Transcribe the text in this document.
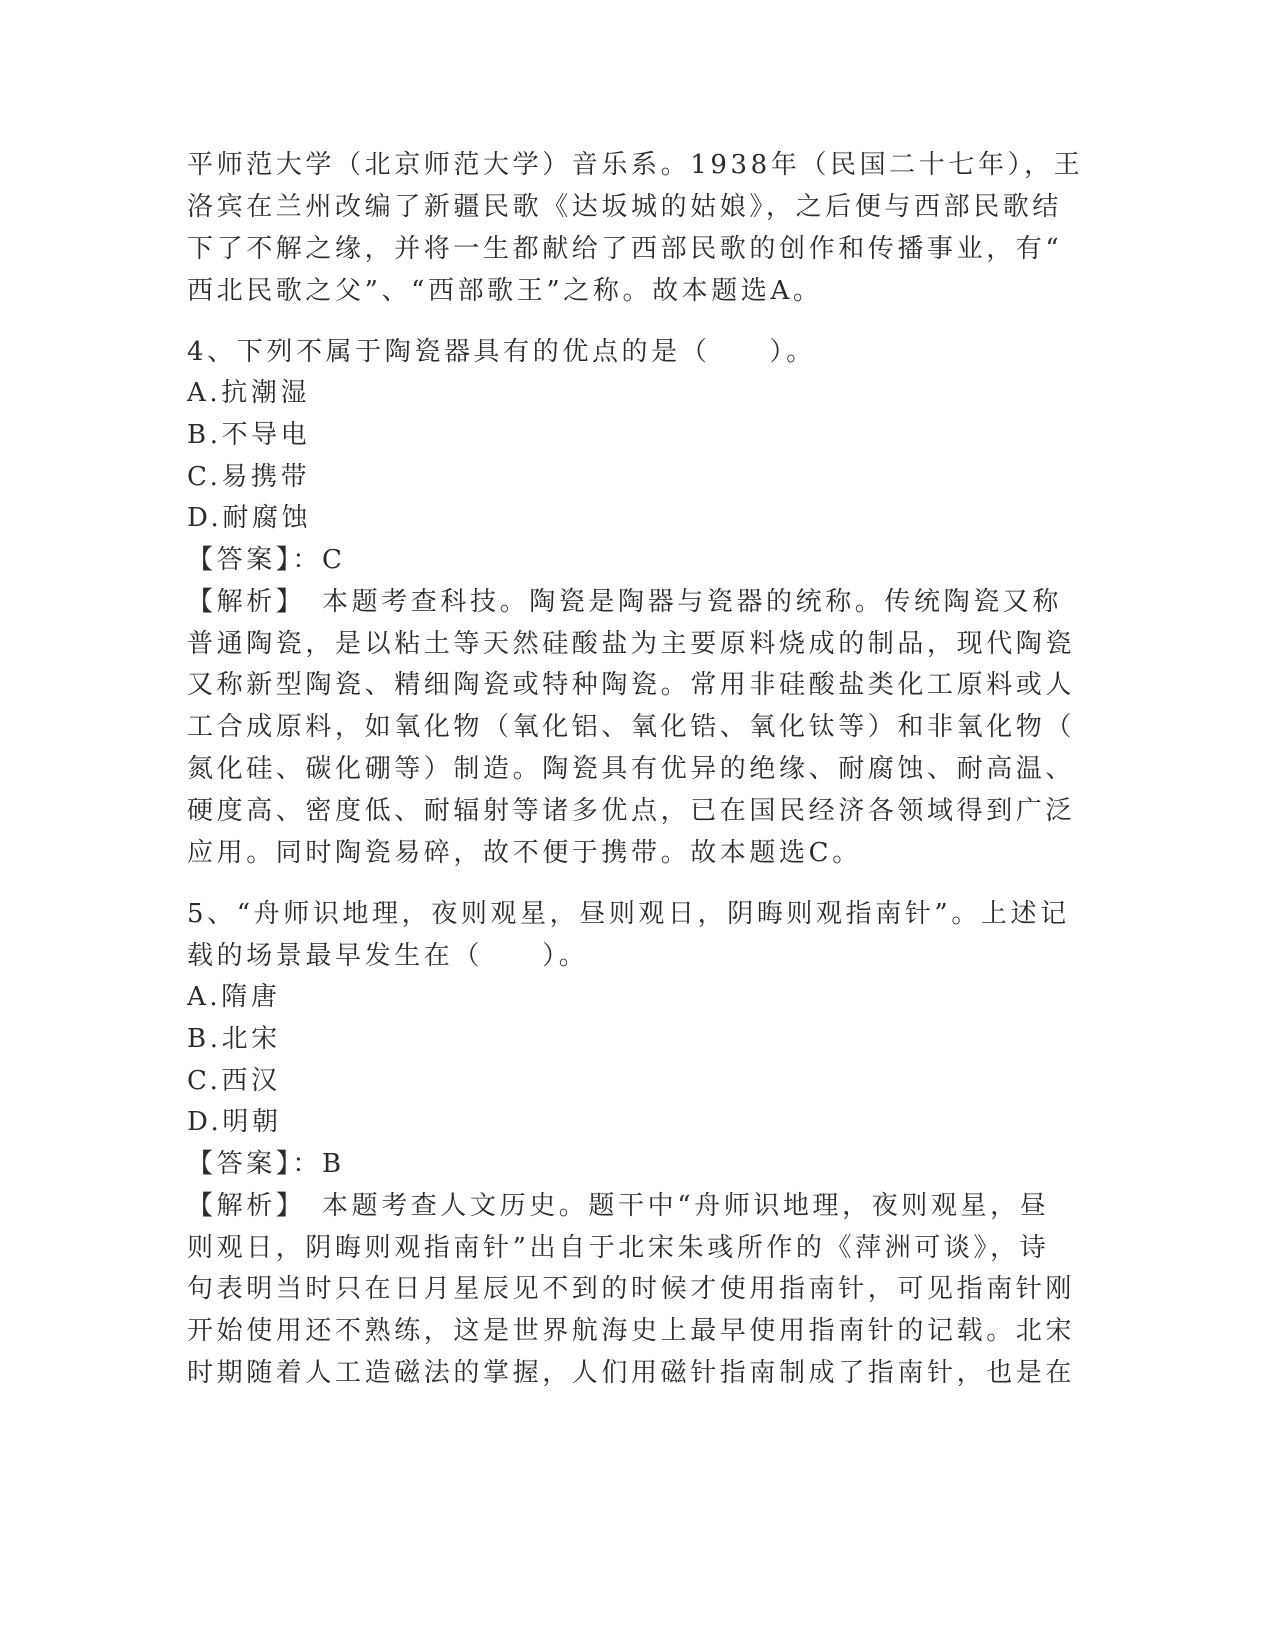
平师范大学（北京师范大学）音乐系。1938年（民国二十七年），王
洛宾在兰州改编了新疆民歌《达坂城的姑娘》，之后便与西部民歌结
下了不解之缘，并将一生都献给了西部民歌的创作和传播事业，有“
西北民歌之父”、“西部歌王”之称。故本题选A。
4、下列不属于陶瓷器具有的优点的是（　　）。
A.抗潮湿
B.不导电
C.易携带
D.耐腐蚀
【答案】：C
【解析】　本题考查科技。陶瓷是陶器与瓷器的统称。传统陶瓷又称
普通陶瓷，是以粘土等天然硅酸盐为主要原料烧成的制品，现代陶瓷
又称新型陶瓷、精细陶瓷或特种陶瓷。常用非硅酸盐类化工原料或人
工合成原料，如氧化物（氧化铝、氧化锆、氧化钛等）和非氧化物（
氮化硅、碳化硼等）制造。陶瓷具有优异的绝缘、耐腐蚀、耐高温、
硬度高、密度低、耐辐射等诸多优点，已在国民经济各领域得到广泛
应用。同时陶瓷易碎，故不便于携带。故本题选C。
5、“舟师识地理，夜则观星，昼则观日，阴晦则观指南针”。上述记
载的场景最早发生在（　　）。
A.隋唐
B.北宋
C.西汉
D.明朝
【答案】：B
【解析】　本题考查人文历史。题干中“舟师识地理，夜则观星，昼
则观日，阴晦则观指南针”出自于北宋朱彧所作的《萍洲可谈》，诗
句表明当时只在日月星辰见不到的时候才使用指南针，可见指南针刚
开始使用还不熟练，这是世界航海史上最早使用指南针的记载。北宋
时期随着人工造磁法的掌握，人们用磁针指南制成了指南针，也是在
